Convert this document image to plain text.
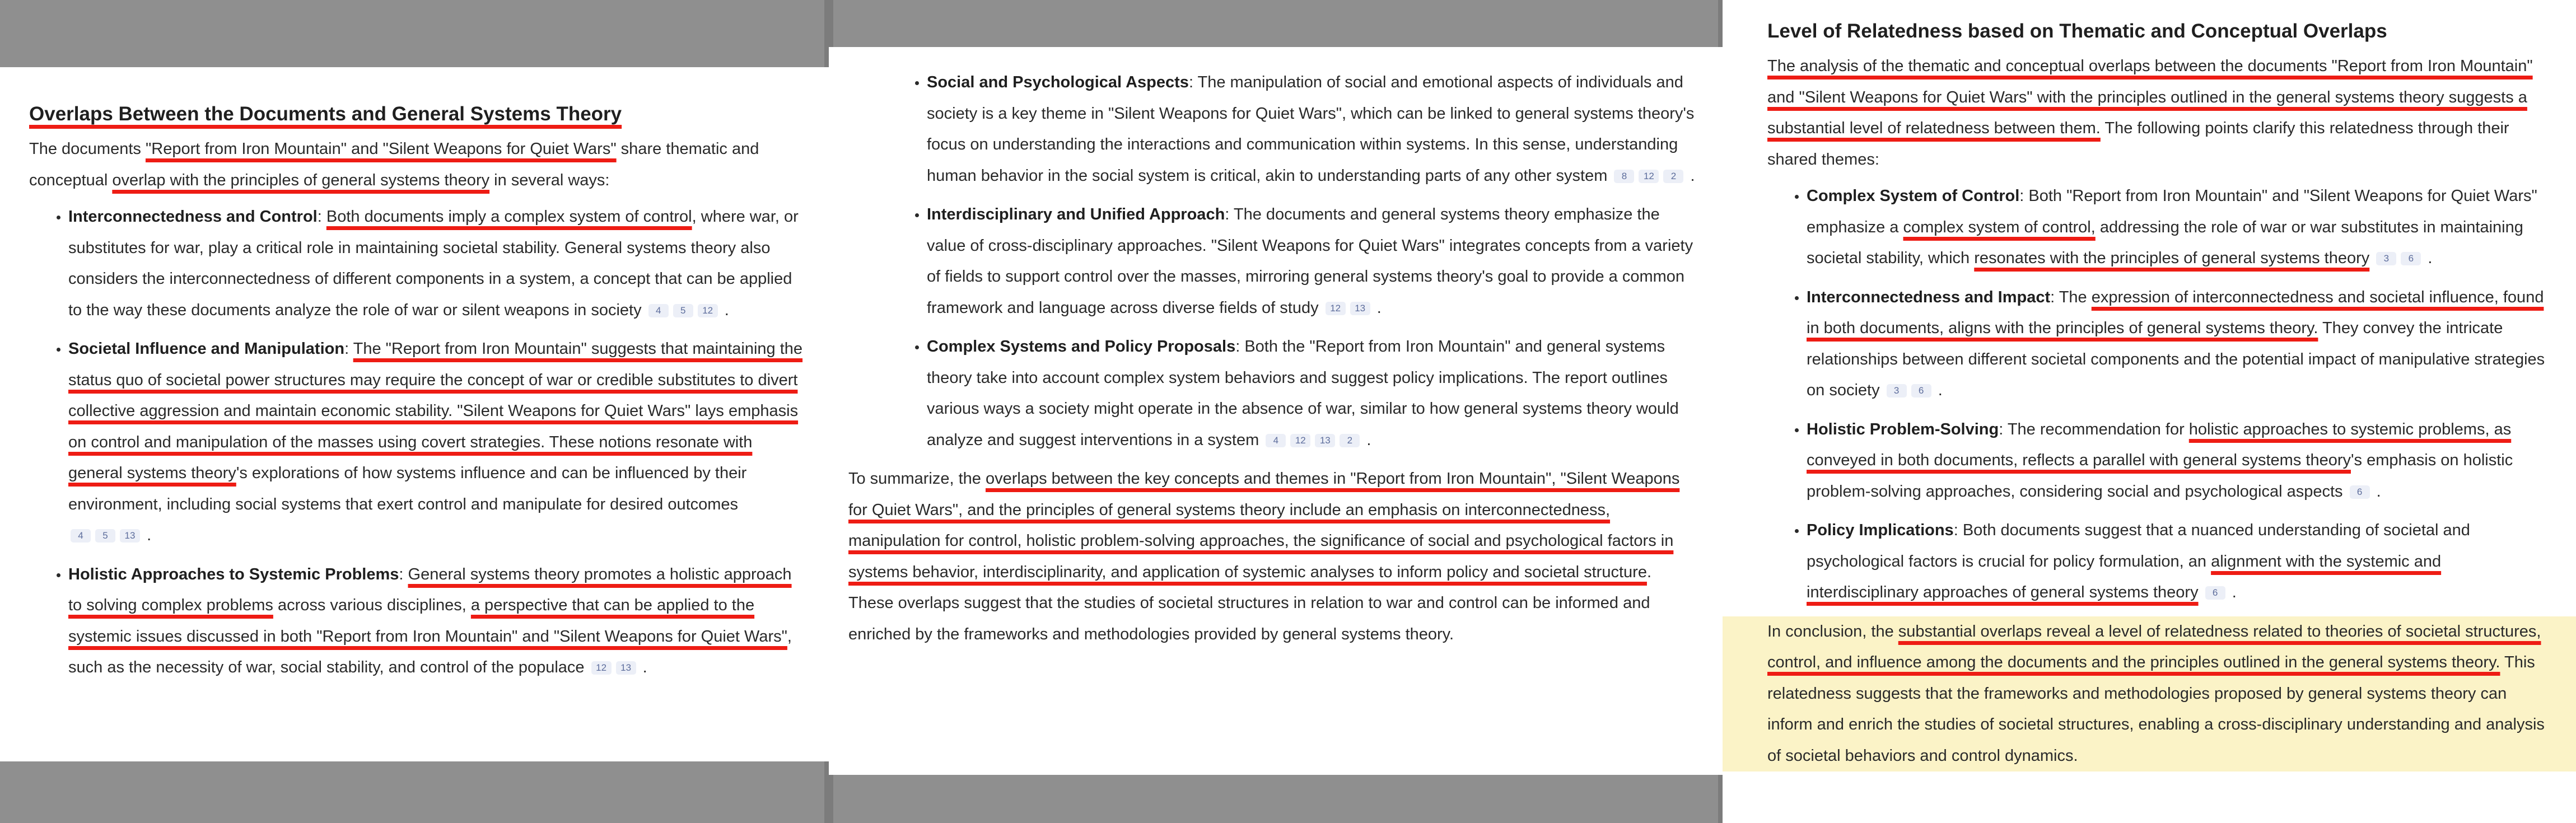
Overlaps Between the Documents and General Systems Theory

The documents "Report from Iron Mountain" and "Silent Weapons for Quiet Wars" share thematic and conceptual overlap with the principles of general systems theory in several ways:

• Interconnectedness and Control: Both documents imply a complex system of control, where war, or substitutes for war, play a critical role in maintaining societal stability. General systems theory also considers the interconnectedness of different components in a system, a concept that can be applied to the way these documents analyze the role of war or silent weapons in society 4 5 12 .
• Societal Influence and Manipulation: The "Report from Iron Mountain" suggests that maintaining the status quo of societal power structures may require the concept of war or credible substitutes to divert collective aggression and maintain economic stability. "Silent Weapons for Quiet Wars" lays emphasis on control and manipulation of the masses using covert strategies. These notions resonate with general systems theory's explorations of how systems influence and can be influenced by their environment, including social systems that exert control and manipulate for desired outcomes 4 5 13 .
• Holistic Approaches to Systemic Problems: General systems theory promotes a holistic approach to solving complex problems across various disciplines, a perspective that can be applied to the systemic issues discussed in both "Report from Iron Mountain" and "Silent Weapons for Quiet Wars", such as the necessity of war, social stability, and control of the populace 12 13 .
• Social and Psychological Aspects: The manipulation of social and emotional aspects of individuals and society is a key theme in "Silent Weapons for Quiet Wars", which can be linked to general systems theory's focus on understanding the interactions and communication within systems. In this sense, understanding human behavior in the social system is critical, akin to understanding parts of any other system 8 12 2 .
• Interdisciplinary and Unified Approach: The documents and general systems theory emphasize the value of cross-disciplinary approaches. "Silent Weapons for Quiet Wars" integrates concepts from a variety of fields to support control over the masses, mirroring general systems theory's goal to provide a common framework and language across diverse fields of study 12 13 .
• Complex Systems and Policy Proposals: Both the "Report from Iron Mountain" and general systems theory take into account complex system behaviors and suggest policy implications. The report outlines various ways a society might operate in the absence of war, similar to how general systems theory would analyze and suggest interventions in a system 4 12 13 2 .

To summarize, the overlaps between the key concepts and themes in "Report from Iron Mountain", "Silent Weapons for Quiet Wars", and the principles of general systems theory include an emphasis on interconnectedness, manipulation for control, holistic problem-solving approaches, the significance of social and psychological factors in systems behavior, interdisciplinarity, and application of systemic analyses to inform policy and societal structure. These overlaps suggest that the studies of societal structures in relation to war and control can be informed and enriched by the frameworks and methodologies provided by general systems theory.

Level of Relatedness based on Thematic and Conceptual Overlaps

The analysis of the thematic and conceptual overlaps between the documents "Report from Iron Mountain" and "Silent Weapons for Quiet Wars" with the principles outlined in the general systems theory suggests a substantial level of relatedness between them. The following points clarify this relatedness through their shared themes:

• Complex System of Control: Both "Report from Iron Mountain" and "Silent Weapons for Quiet Wars" emphasize a complex system of control, addressing the role of war or war substitutes in maintaining societal stability, which resonates with the principles of general systems theory 3 6 .
• Interconnectedness and Impact: The expression of interconnectedness and societal influence, found in both documents, aligns with the principles of general systems theory. They convey the intricate relationships between different societal components and the potential impact of manipulative strategies on society 3 6 .
• Holistic Problem-Solving: The recommendation for holistic approaches to systemic problems, as conveyed in both documents, reflects a parallel with general systems theory's emphasis on holistic problem-solving approaches, considering social and psychological aspects 6 .
• Policy Implications: Both documents suggest that a nuanced understanding of societal and psychological factors is crucial for policy formulation, an alignment with the systemic and interdisciplinary approaches of general systems theory 6 .

In conclusion, the substantial overlaps reveal a level of relatedness related to theories of societal structures, control, and influence among the documents and the principles outlined in the general systems theory. This relatedness suggests that the frameworks and methodologies proposed by general systems theory can inform and enrich the studies of societal structures, enabling a cross-disciplinary understanding and analysis of societal behaviors and control dynamics.
